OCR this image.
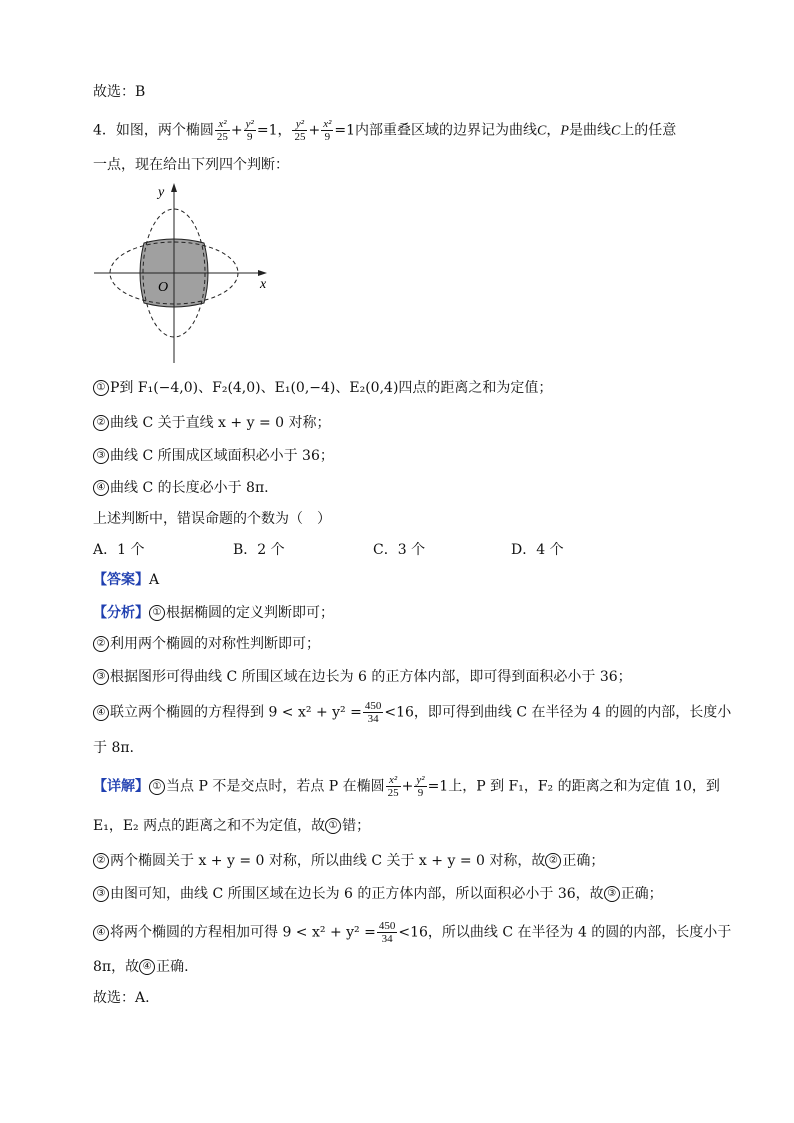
故选：B
4．如图，两个椭圆 $\frac{\text{x²}}{25} + \frac{\text{y²}}{9} =1$， $\frac{\text{y²}}{25} + \frac{\text{x²}}{9} =1$内部重叠区域的边界记为曲线C，P是曲线C上的任意
一点，现在给出下列四个判断：
y
x
O
① P到 F₁(−4,0)、F₂(4,0)、E₁(0,−4)、E₂(0,4)四点的距离之和为定值；
② 曲线 C 关于直线 x + y = 0 对称；
③ 曲线 C 所围成区域面积必小于 36；
④ 曲线 C 的长度必小于 8π.
上述判断中，错误命题的个数为（　）
A．1 个	B．2 个	C．3 个	D．4 个
【答案】A
【分析】 ① 根据椭圆的定义判断即可；
② 利用两个椭圆的对称性判断即可；
③ 根据图形可得曲线 C 所围区域在边长为 6 的正方体内部，即可得到面积必小于 36；
④ 联立两个椭圆的方程得到 $9 < x^2 + y^2 = \frac{450}{34} <16$，即可得到曲线 C 在半径为 4 的圆的内部，长度小
于 8π.
【详解】 ① 当点 P 不是交点时，若点 P 在椭圆 $\frac{\text{x²}}{25} + \frac{\text{y²}}{9} =1$上，P 到 F₁，F₂ 的距离之和为定值 10，到
E₁，E₂ 两点的距离之和不为定值，故 ① 错；
② 两个椭圆关于 x + y = 0 对称，所以曲线 C 关于 x + y = 0 对称，故 ② 正确；
③ 由图可知，曲线 C 所围区域在边长为 6 的正方体内部，所以面积必小于 36，故 ③ 正确；
④ 将两个椭圆的方程相加可得 $9 < x^2 + y^2 = \frac{450}{34} <16$，所以曲线 C 在半径为 4 的圆的内部，长度小于
8π，故 ④ 正确.
故选：A.
